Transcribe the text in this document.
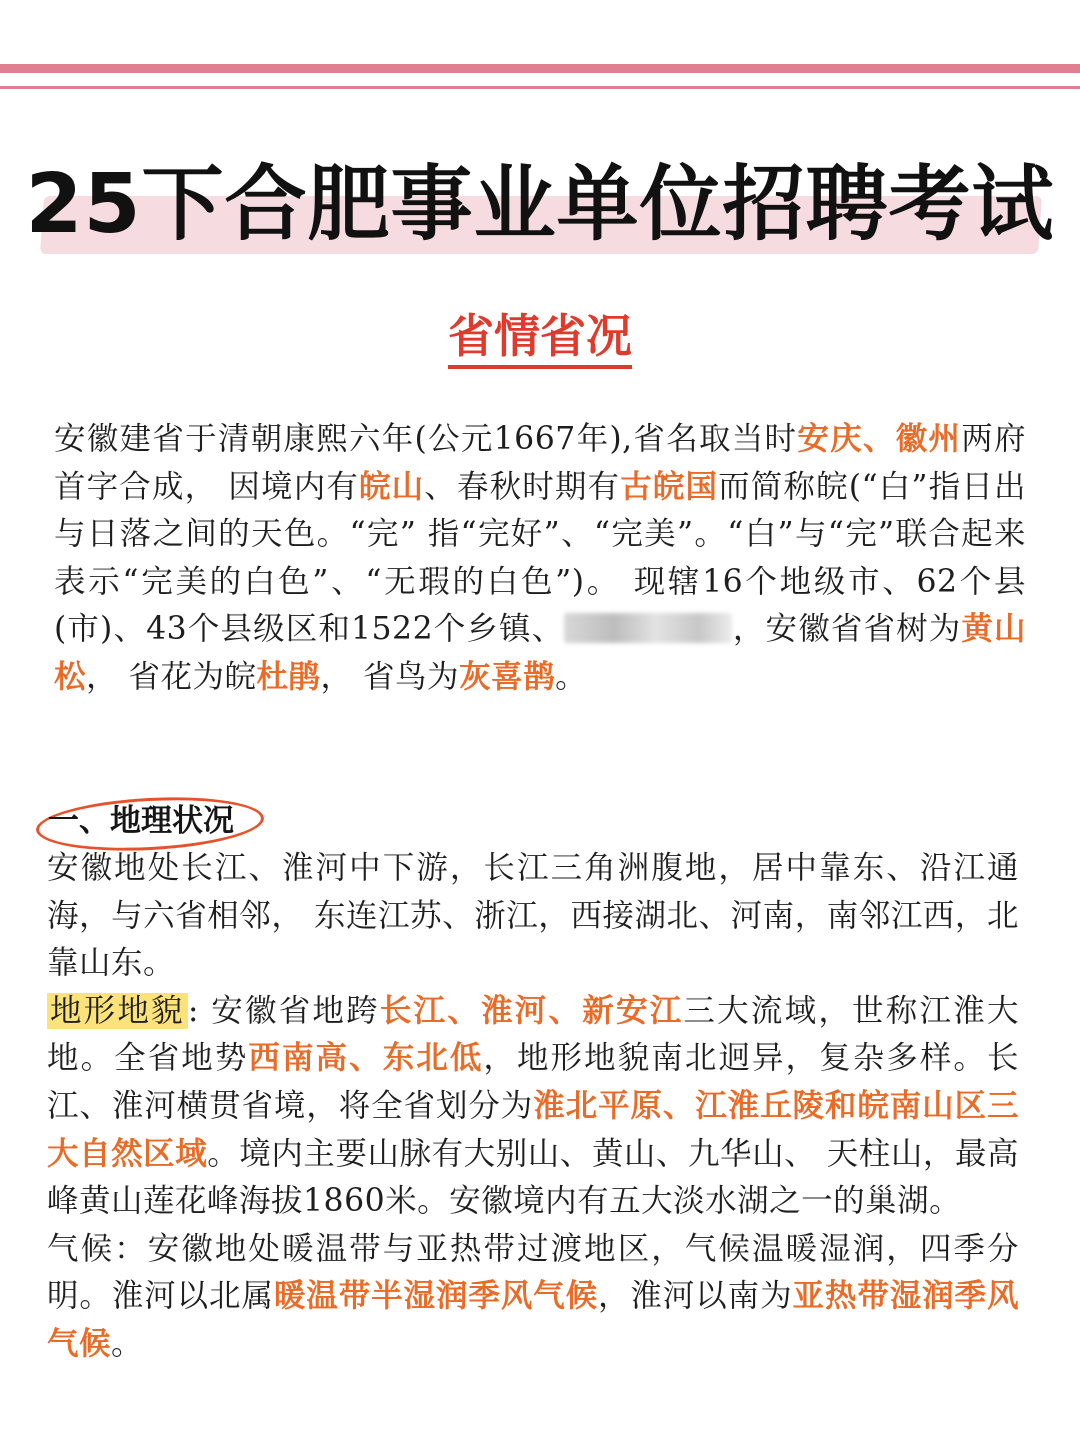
25下合肥事业单位招聘考试
省情省况

安徽建省于清朝康熙六年(公元1667年),省名取当时安庆、徽州两府首字合成， 因境内有皖山、春秋时期有古皖国而简称皖(“白”指日出与日落之间的天色。“完” 指“完好”、“完美”。“白”与“完”联合起来表示“完美的白色”、“无瑕的白色”)。 现辖16个地级市、62个县(市)、43个县级区和1522个乡镇、	，安徽省省树为黄山松， 省花为皖杜鹃， 省鸟为灰喜鹊。

一、地理状况

安徽地处长江、淮河中下游，长江三角洲腹地，居中靠东、沿江通海，与六省相邻， 东连江苏、浙江，西接湖北、河南，南邻江西，北靠山东。

地形地貌: 安徽省地跨长江、淮河、新安江三大流域，世称江淮大地。全省地势西南高、东北低，地形地貌南北迥异，复杂多样。长江、淮河横贯省境，将全省划分为淮北平原、江淮丘陵和皖南山区三大自然区域。境内主要山脉有大别山、黄山、九华山、 天柱山，最高峰黄山莲花峰海拔1860米。安徽境内有五大淡水湖之一的巢湖。

气候：安徽地处暖温带与亚热带过渡地区，气候温暖湿润，四季分明。淮河以北属暖温带半湿润季风气候，淮河以南为亚热带湿润季风气候。
